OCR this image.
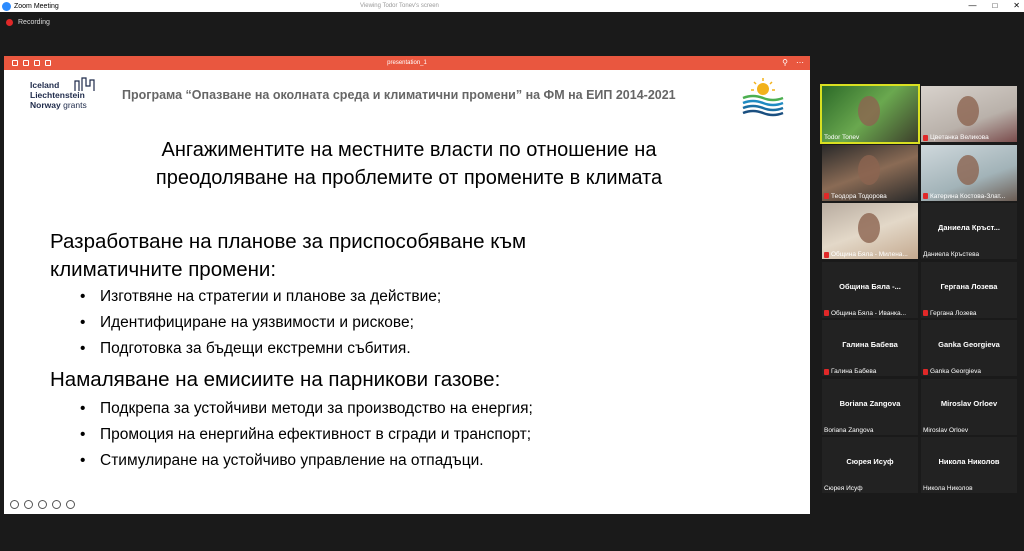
Zoom Meeting	Viewing Todor Tonev's screen	— □ ✕
Recording
presentation_1	⚲ ⋯
Iceland
Liechtenstein
Norway grants
Програма “Опазване на околната среда и климатични промени” на ФМ на ЕИП 2014-2021
Ангажиментите на местните власти по отношение на
преодоляване на проблемите от промените в климата
Разработване на планове за приспособяване към
климатичните промени:
• Изготвяне на стратегии и планове за действие;
• Идентифициране на уязвимости и рискове;
• Подготовка за бъдещи екстремни събития.
Намаляване на емисиите на парникови газове:
• Подкрепа за устойчиви методи за производство на енергия;
• Промоция на енергийна ефективност в сгради и транспорт;
• Стимулиране на устойчиво управление на отпадъци.
Todor Tonev	Цветанка Великова
Теодора Тодорова	Катерина Костова-Злат...
Община Бяла - Милена...
Даниела Кръст...
Даниела Кръстева
Община Бяла -...
Община Бяла - Иванка...
Гергана Лозева
Гергана Лозева
Галина Бабева
Галина Бабева
Ganka Georgieva
Ganka Georgieva
Boriana Zangova
Boriana Zangova
Miroslav Orloev
Miroslav Orloev
Сюрея Исуф
Сюрея Исуф
Никола Николов
Никола Николов
